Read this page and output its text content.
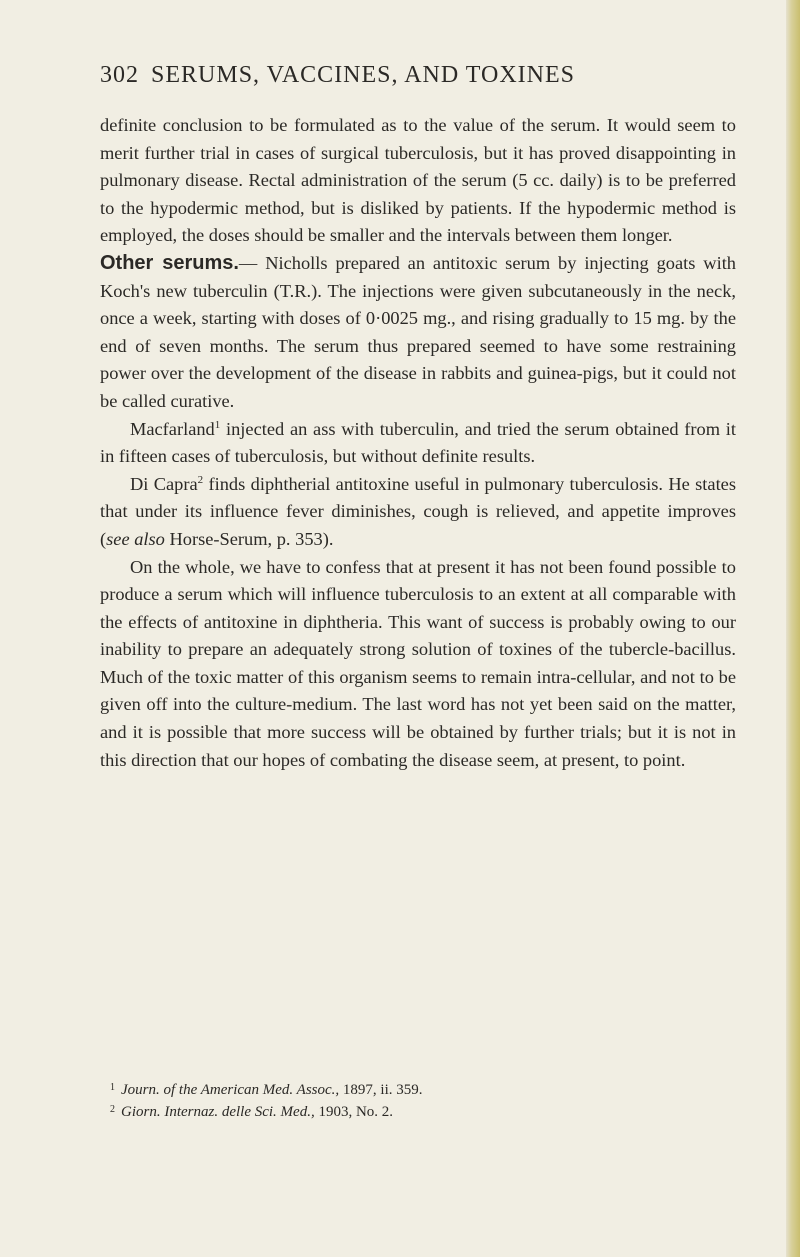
302 SERUMS, VACCINES, AND TOXINES

definite conclusion to be formulated as to the value of the serum. It would seem to merit further trial in cases of surgical tuberculosis, but it has proved disappointing in pulmonary disease. Rectal administration of the serum (5 cc. daily) is to be preferred to the hypodermic method, but is disliked by patients. If the hypodermic method is employed, the doses should be smaller and the intervals between them longer.

Other serums.— Nicholls prepared an antitoxic serum by injecting goats with Koch's new tuberculin (T.R.). The injections were given subcutaneously in the neck, once a week, starting with doses of 0·0025 mg., and rising gradually to 15 mg. by the end of seven months. The serum thus prepared seemed to have some restraining power over the development of the disease in rabbits and guinea-pigs, but it could not be called curative.

Macfarland$^1$ injected an ass with tuberculin, and tried the serum obtained from it in fifteen cases of tuberculosis, but without definite results.

Di Capra$^2$ finds diphtherial antitoxine useful in pulmonary tuberculosis. He states that under its influence fever diminishes, cough is relieved, and appetite improves (see also Horse-Serum, p. 353).

On the whole, we have to confess that at present it has not been found possible to produce a serum which will influence tuberculosis to an extent at all comparable with the effects of antitoxine in diphtheria. This want of success is probably owing to our inability to prepare an adequately strong solution of toxines of the tubercle-bacillus. Much of the toxic matter of this organism seems to remain intra-cellular, and not to be given off into the culture-medium. The last word has not yet been said on the matter, and it is possible that more success will be obtained by further trials; but it is not in this direction that our hopes of combating the disease seem, at present, to point.

$^1$ Journ. of the American Med. Assoc., 1897, ii. 359.

$^2$ Giorn. Internaz. delle Sci. Med., 1903, No. 2.
